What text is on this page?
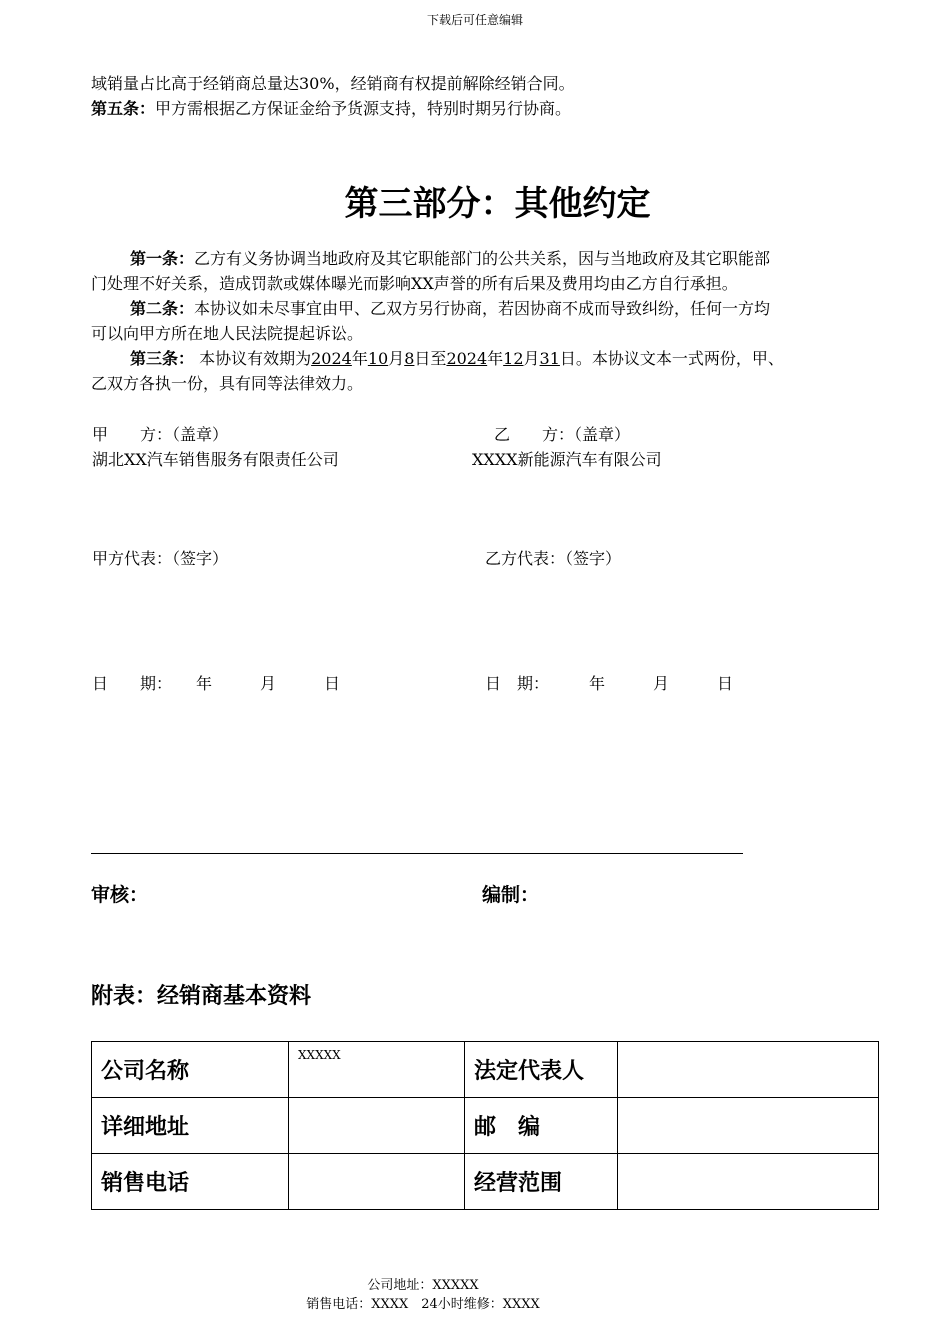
下载后可任意编辑
域销量占比高于经销商总量达30%，经销商有权提前解除经销合同。
第五条：甲方需根据乙方保证金给予货源支持，特别时期另行协商。
第三部分：其他约定
第一条：乙方有义务协调当地政府及其它职能部门的公共关系，因与当地政府及其它职能部
门处理不好关系，造成罚款或媒体曝光而影响XX声誉的所有后果及费用均由乙方自行承担。
第二条：本协议如未尽事宜由甲、乙双方另行协商，若因协商不成而导致纠纷，任何一方均
可以向甲方所在地人民法院提起诉讼。
第三条： 本协议有效期为2024年10月8日至2024年12月31日。本协议文本一式两份，甲、
乙双方各执一份，具有同等法律效力。
甲　　方：（盖章）	乙　　方：（盖章）
湖北XX汽车销售服务有限责任公司	XXXX新能源汽车有限公司
甲方代表：（签字）	乙方代表：（签字）
日　　期：　　年　　　月　　　日	日　期：　　　年　　　月　　　日
审核：	编制：
附表：经销商基本资料
公司名称	XXXXX	法定代表人	
详细地址		邮　编	
销售电话		经营范围	
公司地址：XXXXX
销售电话：XXXX　24小时维修：XXXX
